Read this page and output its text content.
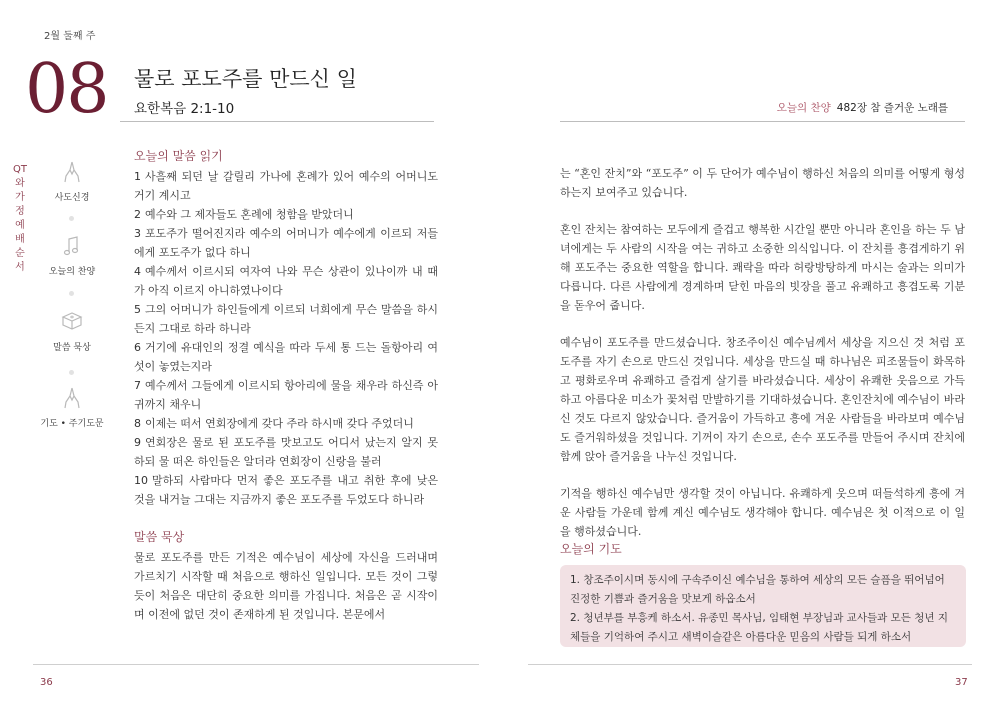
2월 둘째 주
08 물로 포도주를 만드신 일
요한복음 2:1-10
QT와 가정예배 순서
사도신경
오늘의 찬양
말씀 묵상
기도 • 주기도문
오늘의 말씀 읽기
1 사흘째 되던 날 갈릴리 가나에 혼례가 있어 예수의 어머니도 거기 계시고
2 예수와 그 제자들도 혼례에 청함을 받았더니
3 포도주가 떨어진지라 예수의 어머니가 예수에게 이르되 저들에게 포도주가 없다 하니
4 예수께서 이르시되 여자여 나와 무슨 상관이 있나이까 내 때가 아직 이르지 아니하였나이다
5 그의 어머니가 하인들에게 이르되 너희에게 무슨 말씀을 하시든지 그대로 하라 하니라
6 거기에 유대인의 정결 예식을 따라 두세 통 드는 돌항아리 여섯이 놓였는지라
7 예수께서 그들에게 이르시되 항아리에 물을 채우라 하신즉 아귀까지 채우니
8 이제는 떠서 연회장에게 갖다 주라 하시매 갖다 주었더니
9 연회장은 물로 된 포도주를 맛보고도 어디서 났는지 알지 못하되 물 떠온 하인들은 알더라 연회장이 신랑을 불러
10 말하되 사람마다 먼저 좋은 포도주를 내고 취한 후에 낮은 것을 내거늘 그대는 지금까지 좋은 포도주를 두었도다 하니라
말씀 묵상
물로 포도주를 만든 기적은 예수님이 세상에 자신을 드러내며 가르치기 시작할 때 처음으로 행하신 일입니다. 모든 것이 그렇듯이 처음은 대단히 중요한 의미를 가집니다. 처음은 곧 시작이며 이전에 없던 것이 존재하게 된 것입니다. 본문에서
36
오늘의 찬양 482장 참 즐거운 노래를

는 “혼인 잔치”와 “포도주” 이 두 단어가 예수님이 행하신 처음의 의미를 어떻게 형성하는지 보여주고 있습니다.

혼인 잔치는 참여하는 모두에게 즐겁고 행복한 시간일 뿐만 아니라 혼인을 하는 두 남녀에게는 두 사람의 시작을 여는 귀하고 소중한 의식입니다. 이 잔치를 흥겹게하기 위해 포도주는 중요한 역할을 합니다. 쾌락을 따라 허랑방탕하게 마시는 술과는 의미가 다릅니다. 다른 사람에게 경계하며 닫힌 마음의 빗장을 풀고 유쾌하고 흥겹도록 기분을 돋우어 줍니다.

예수님이 포도주를 만드셨습니다. 창조주이신 예수님께서 세상을 지으신 것 처럼 포도주를 자기 손으로 만드신 것입니다. 세상을 만드실 때 하나님은 피조물들이 화목하고 평화로우며 유쾌하고 즐겁게 살기를 바라셨습니다. 세상이 유쾌한 웃음으로 가득하고 아름다운 미소가 꽃처럼 만발하기를 기대하셨습니다. 혼인잔치에 예수님이 바라신 것도 다르지 않았습니다. 즐거움이 가득하고 흥에 겨운 사람들을 바라보며 예수님도 즐거워하셨을 것입니다. 기꺼이 자기 손으로, 손수 포도주를 만들어 주시며 잔치에 함께 앉아 즐거움을 나누신 것입니다.

기적을 행하신 예수님만 생각할 것이 아닙니다. 유쾌하게 웃으며 떠들석하게 흥에 겨운 사람들 가운데 함께 계신 예수님도 생각해야 합니다. 예수님은 첫 이적으로 이 일을 행하셨습니다.

오늘의 기도
1. 창조주이시며 동시에 구속주이신 예수님을 통하여 세상의 모든 슬픔을 뛰어넘어 진정한 기쁨과 즐거움을 맛보게 하옵소서
2. 청년부를 부흥케 하소서. 유종민 목사님, 임태현 부장님과 교사들과 모든 청년 지체들을 기억하여 주시고 새벽이슬같은 아름다운 믿음의 사람들 되게 하소서
37
